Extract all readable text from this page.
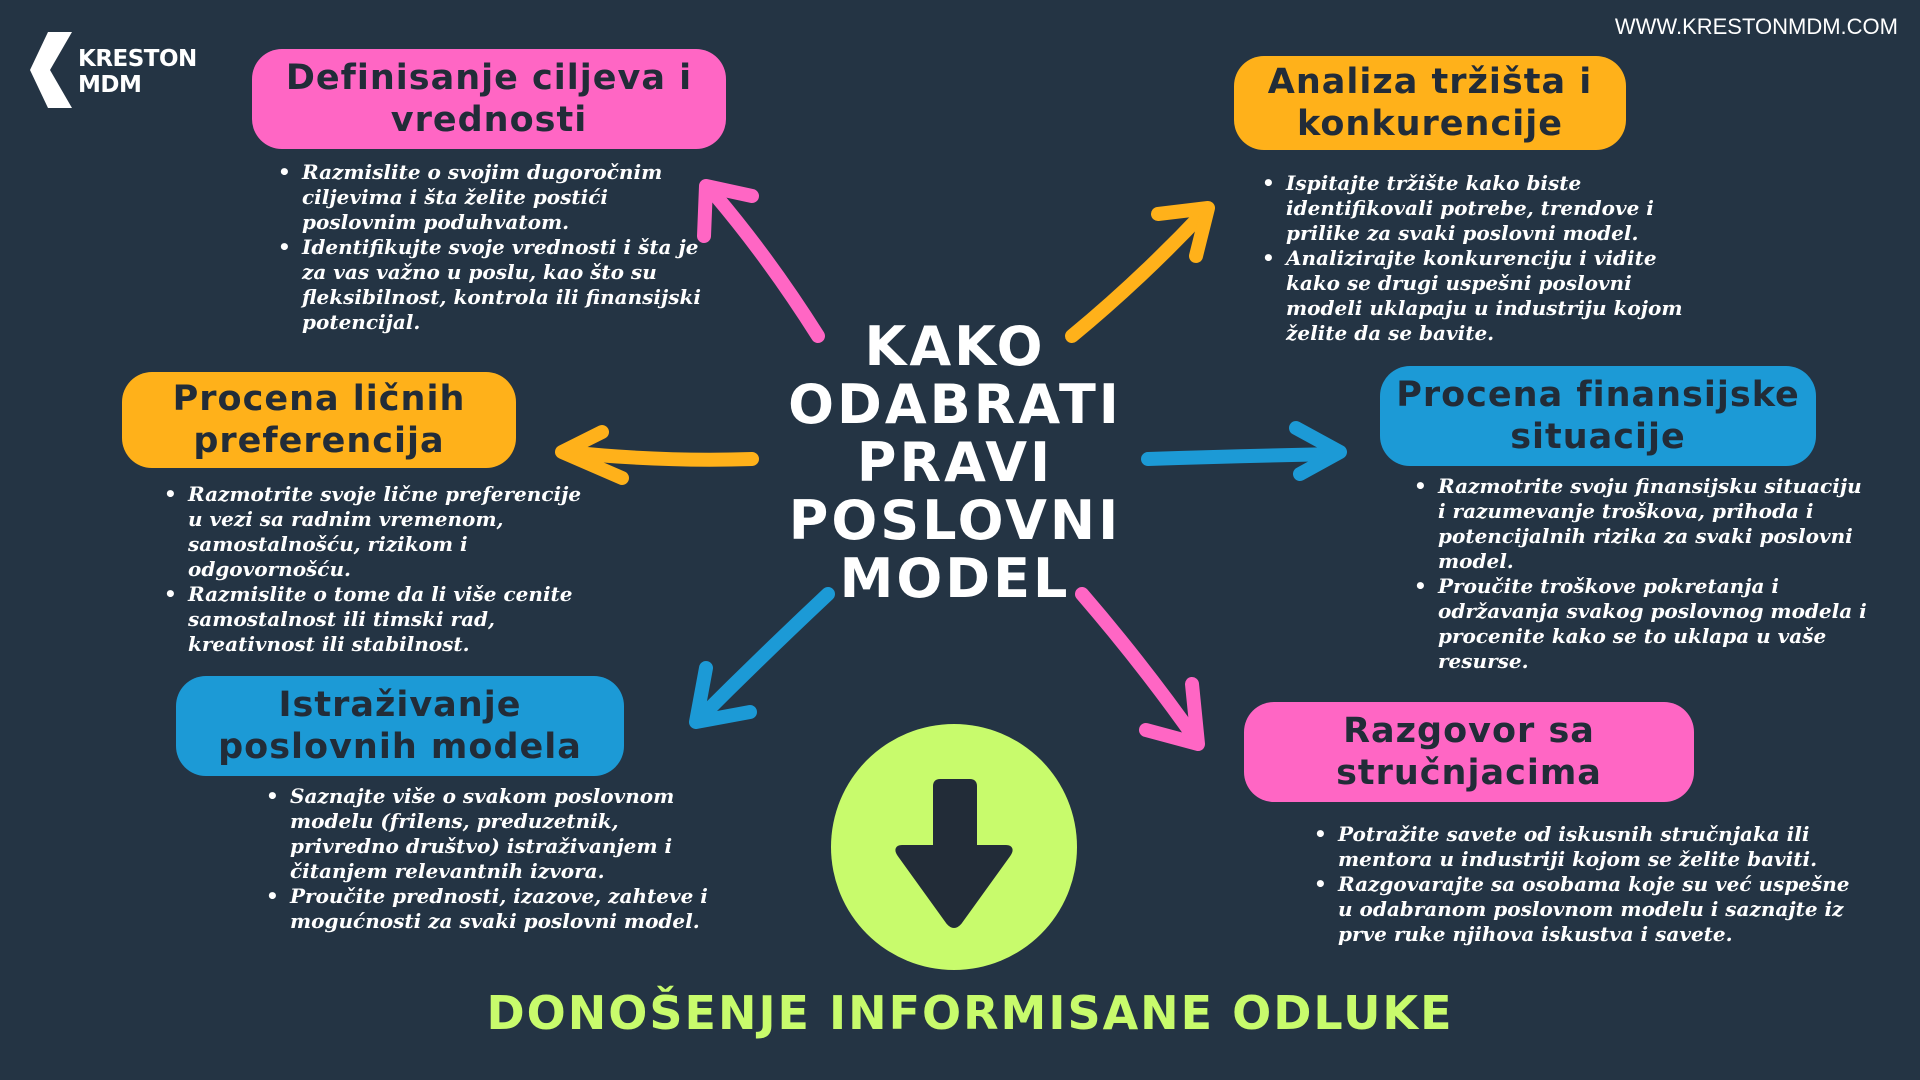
KRESTON
MDM
WWW.KRESTONMDM.COM
KAKO
ODABRATI
PRAVI
POSLOVNI
MODEL
Definisanje ciljeva i
vrednosti
• Razmislite o svojim dugoročnim ciljevima i šta želite postići poslovnim poduhvatom.
• Identifikujte svoje vrednosti i šta je za vas važno u poslu, kao što su fleksibilnost, kontrola ili finansijski potencijal.
Analiza tržišta i
konkurencije
• Ispitajte tržište kako biste identifikovali potrebe, trendove i prilike za svaki poslovni model.
• Analizirajte konkurenciju i vidite kako se drugi uspešni poslovni modeli uklapaju u industriju kojom želite da se bavite.
Procena ličnih
preferencija
• Razmotrite svoje lične preferencije u vezi sa radnim vremenom, samostalnošću, rizikom i odgovornošću.
• Razmislite o tome da li više cenite samostalnost ili timski rad, kreativnost ili stabilnost.
Procena finansijske
situacije
• Razmotrite svoju finansijsku situaciju i razumevanje troškova, prihoda i potencijalnih rizika za svaki poslovni model.
• Proučite troškove pokretanja i održavanja svakog poslovnog modela i procenite kako se to uklapa u vaše resurse.
Istraživanje
poslovnih modela
• Saznajte više o svakom poslovnom modelu (frilens, preduzetnik, privredno društvo) istraživanjem i čitanjem relevantnih izvora.
• Proučite prednosti, izazove, zahteve i mogućnosti za svaki poslovni model.
Razgovor sa
stručnjacima
• Potražite savete od iskusnih stručnjaka ili mentora u industriji kojom se želite baviti.
• Razgovarajte sa osobama koje su već uspešne u odabranom poslovnom modelu i saznajte iz prve ruke njihova iskustva i savete.
DONOŠENJE INFORMISANE ODLUKE
